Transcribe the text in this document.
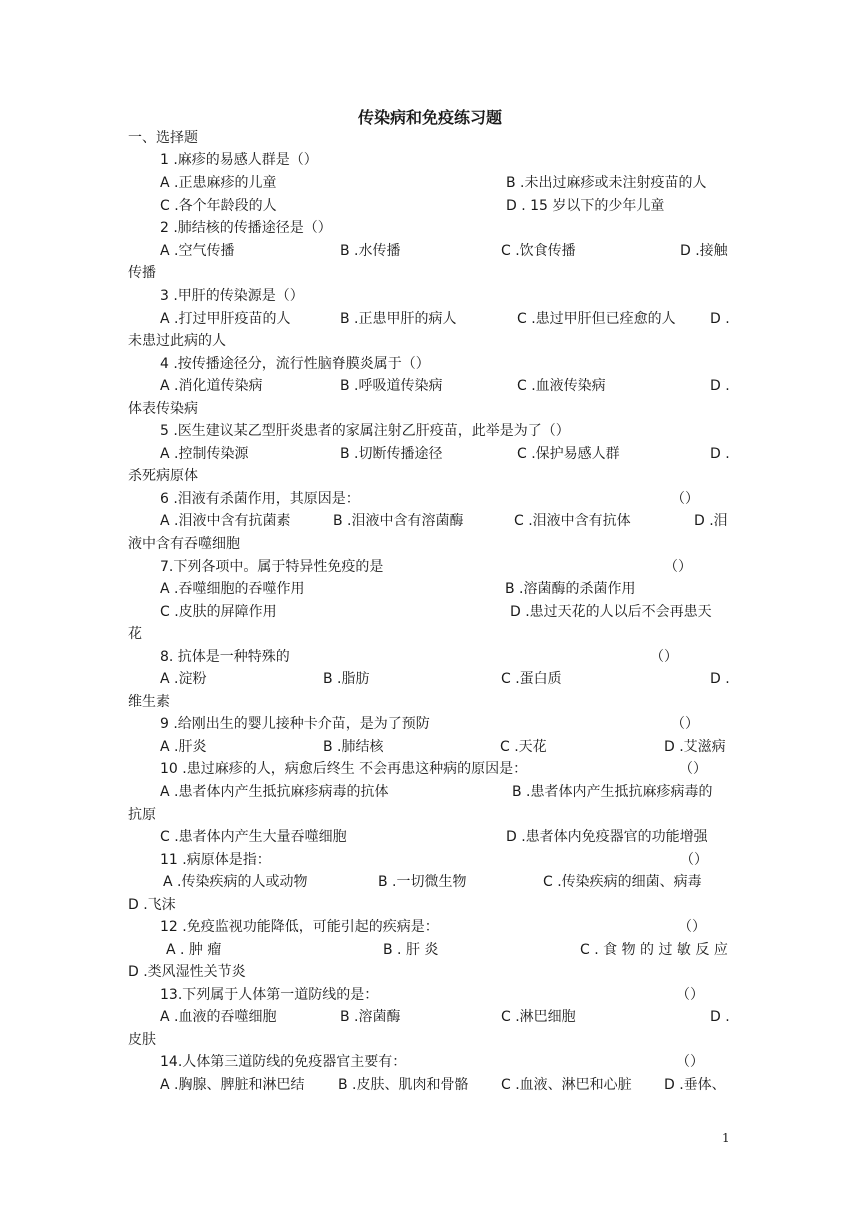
传染病和免疫练习题
一、选择题
1 .麻疹的易感人群是（）
A .正患麻疹的儿童	B .未出过麻疹或未注射疫苗的人
C .各个年龄段的人	D . 15 岁以下的少年儿童
2 .肺结核的传播途径是（）
A .空气传播	B .水传播	C .饮食传播	D .接触
传播
3 .甲肝的传染源是（）
A .打过甲肝疫苗的人	B .正患甲肝的病人	C .患过甲肝但已痊愈的人 D .
未患过此病的人
4 .按传播途径分，流行性脑脊膜炎属于（）
A .消化道传染病	B .呼吸道传染病	C .血液传染病	D .
体表传染病
5 .医生建议某乙型肝炎患者的家属注射乙肝疫苗，此举是为了（）
A .控制传染源	B .切断传播途径	C .保护易感人群	D .
杀死病原体
6 .泪液有杀菌作用，其原因是：	（）
A .泪液中含有抗菌素	B .泪液中含有溶菌酶	C .泪液中含有抗体	D .泪
液中含有吞噬细胞
7.下列各项中。属于特异性免疫的是	（）
A .吞噬细胞的吞噬作用	B .溶菌酶的杀菌作用
C .皮肤的屏障作用	D .患过天花的人以后不会再患天
花
8. 抗体是一种特殊的	（）
A .淀粉	B .脂肪	C .蛋白质	D .
维生素
9 .给刚出生的婴儿接种卡介苗，是为了预防	（）
A .肝炎	B .肺结核	C .天花	D .艾滋病
10 .患过麻疹的人，病愈后终生 不会再患这种病的原因是：	（）
A .患者体内产生抵抗麻疹病毒的抗体	B .患者体内产生抵抗麻疹病毒的
抗原
C .患者体内产生大量吞噬细胞	D .患者体内免疫器官的功能增强
11 .病原体是指：	（）
A .传染疾病的人或动物	B .一切微生物	C .传染疾病的细菌、病毒
D .飞沫
12 .免疫监视功能降低，可能引起的疾病是：	（）
A . 肿 瘤	B . 肝 炎	C . 食 物 的 过 敏 反 应
D .类风湿性关节炎
13.下列属于人体第一道防线的是：	（）
A .血液的吞噬细胞	B .溶菌酶	C .淋巴细胞	D .
皮肤
14.人体第三道防线的免疫器官主要有：	（）
A .胸腺、脾脏和淋巴结 B .皮肤、肌肉和骨骼 C .血液、淋巴和心脏 D .垂体、
1
